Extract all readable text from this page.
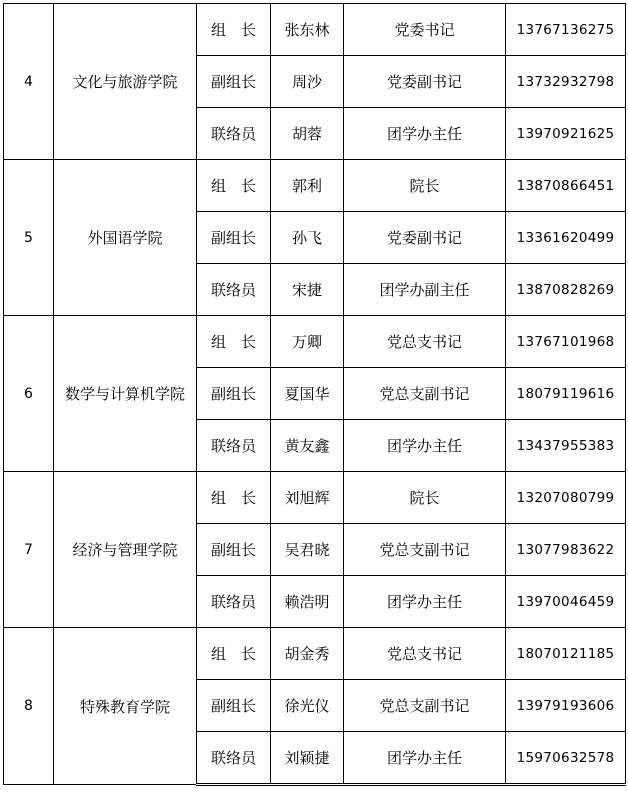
4	文化与旅游学院	组　长	张东林	党委书记	13767136275
		副组长	周沙	党委副书记	13732932798
		联络员	胡蓉	团学办主任	13970921625
5	外国语学院	组　长	郭利	院长	13870866451
		副组长	孙飞	党委副书记	13361620499
		联络员	宋捷	团学办副主任	13870828269
6	数学与计算机学院	组　长	万卿	党总支书记	13767101968
		副组长	夏国华	党总支副书记	18079119616
		联络员	黄友鑫	团学办主任	13437955383
7	经济与管理学院	组　长	刘旭辉	院长	13207080799
		副组长	吴君晓	党总支副书记	13077983622
		联络员	赖浩明	团学办主任	13970046459
8	特殊教育学院	组　长	胡金秀	党总支书记	18070121185
		副组长	徐光仪	党总支副书记	13979193606
		联络员	刘颖捷	团学办主任	15970632578
